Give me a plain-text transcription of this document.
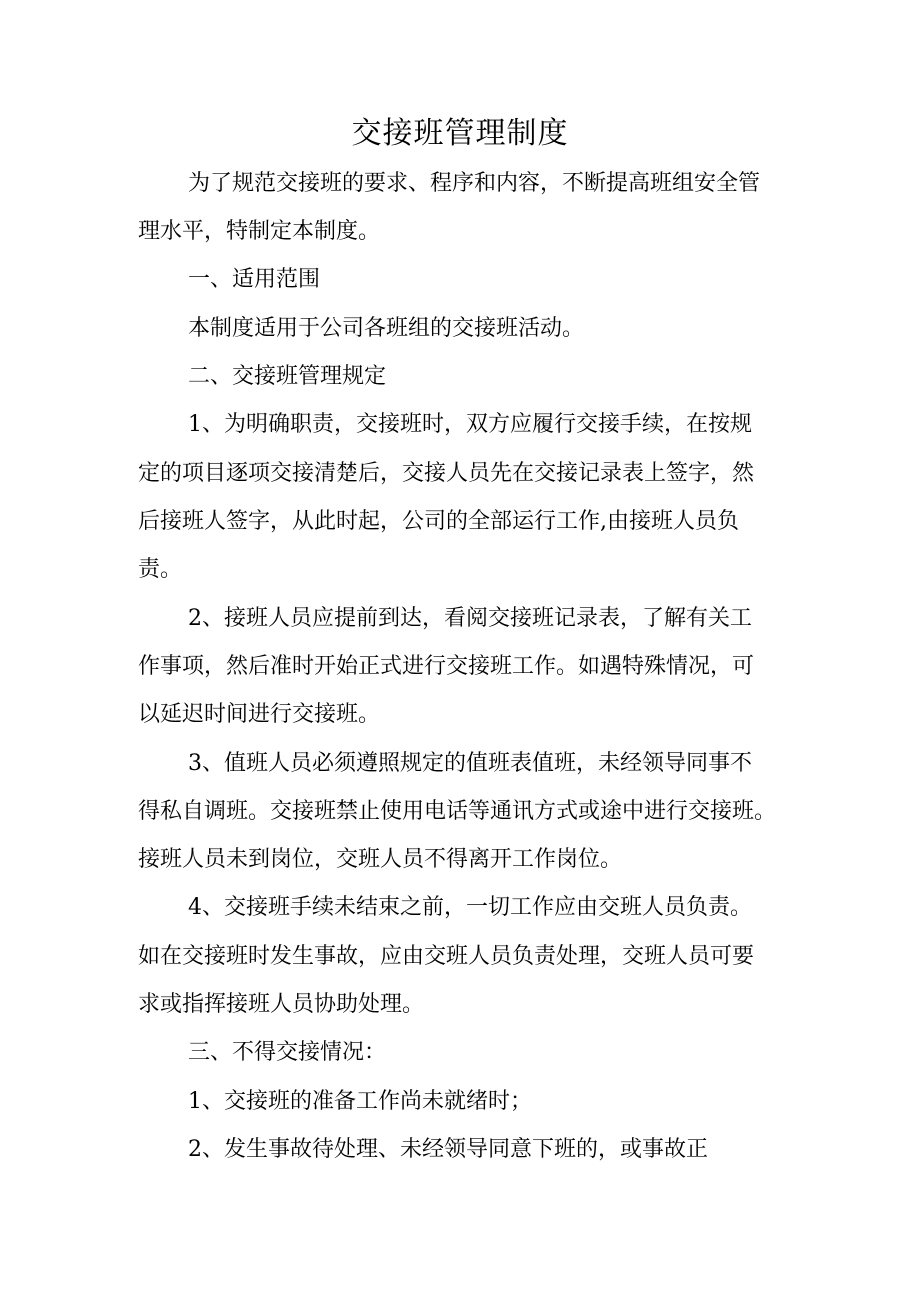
交接班管理制度

为了规范交接班的要求、程序和内容，不断提高班组安全管

理水平，特制定本制度。

一、适用范围

本制度适用于公司各班组的交接班活动。

二、交接班管理规定

1、为明确职责，交接班时，双方应履行交接手续，在按规

定的项目逐项交接清楚后，交接人员先在交接记录表上签字，然

后接班人签字，从此时起，公司的全部运行工作,由接班人员负

责。

2、接班人员应提前到达，看阅交接班记录表，了解有关工

作事项，然后准时开始正式进行交接班工作。如遇特殊情况，可

以延迟时间进行交接班。

3、值班人员必须遵照规定的值班表值班，未经领导同事不

得私自调班。交接班禁止使用电话等通讯方式或途中进行交接班。

接班人员未到岗位，交班人员不得离开工作岗位。

4、交接班手续未结束之前，一切工作应由交班人员负责。

如在交接班时发生事故，应由交班人员负责处理，交班人员可要

求或指挥接班人员协助处理。

三、不得交接情况：

1、交接班的准备工作尚未就绪时；

2、发生事故待处理、未经领导同意下班的，或事故正
